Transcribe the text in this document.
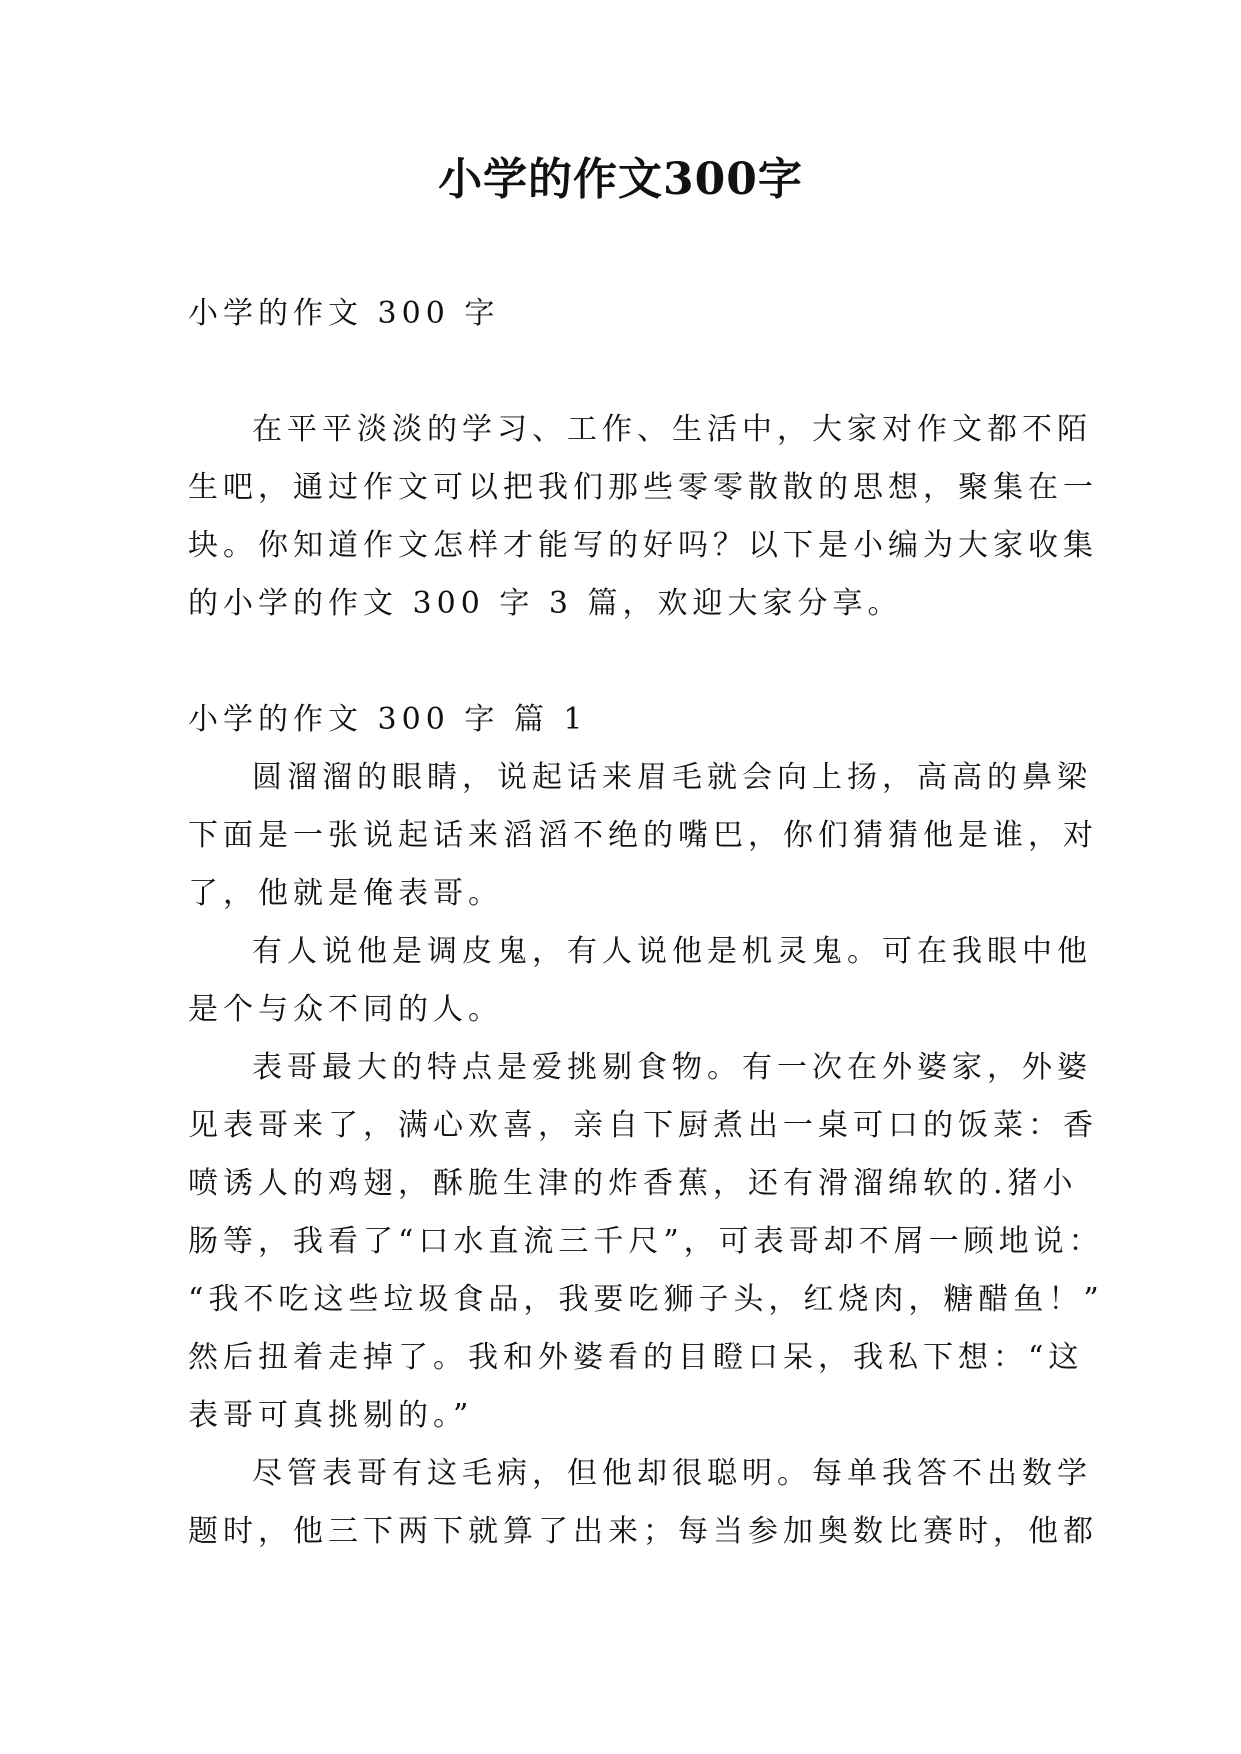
小学的作文300字

小学的作文 300 字

在平平淡淡的学习、工作、生活中，大家对作文都不陌

生吧，通过作文可以把我们那些零零散散的思想，聚集在一

块。你知道作文怎样才能写的好吗？以下是小编为大家收集

的小学的作文 300 字 3 篇，欢迎大家分享。

小学的作文 300 字 篇 1

圆溜溜的眼睛，说起话来眉毛就会向上扬，高高的鼻梁

下面是一张说起话来滔滔不绝的嘴巴，你们猜猜他是谁，对

了，他就是俺表哥。

有人说他是调皮鬼，有人说他是机灵鬼。可在我眼中他

是个与众不同的人。

表哥最大的特点是爱挑剔食物。有一次在外婆家，外婆

见表哥来了，满心欢喜，亲自下厨煮出一桌可口的饭菜：香

喷诱人的鸡翅，酥脆生津的炸香蕉，还有滑溜绵软的.猪小

肠等，我看了“口水直流三千尺”，可表哥却不屑一顾地说：

“我不吃这些垃圾食品，我要吃狮子头，红烧肉，糖醋鱼！”

然后扭着走掉了。我和外婆看的目瞪口呆，我私下想：“这

表哥可真挑剔的。”

尽管表哥有这毛病，但他却很聪明。每单我答不出数学

题时，他三下两下就算了出来；每当参加奥数比赛时，他都
